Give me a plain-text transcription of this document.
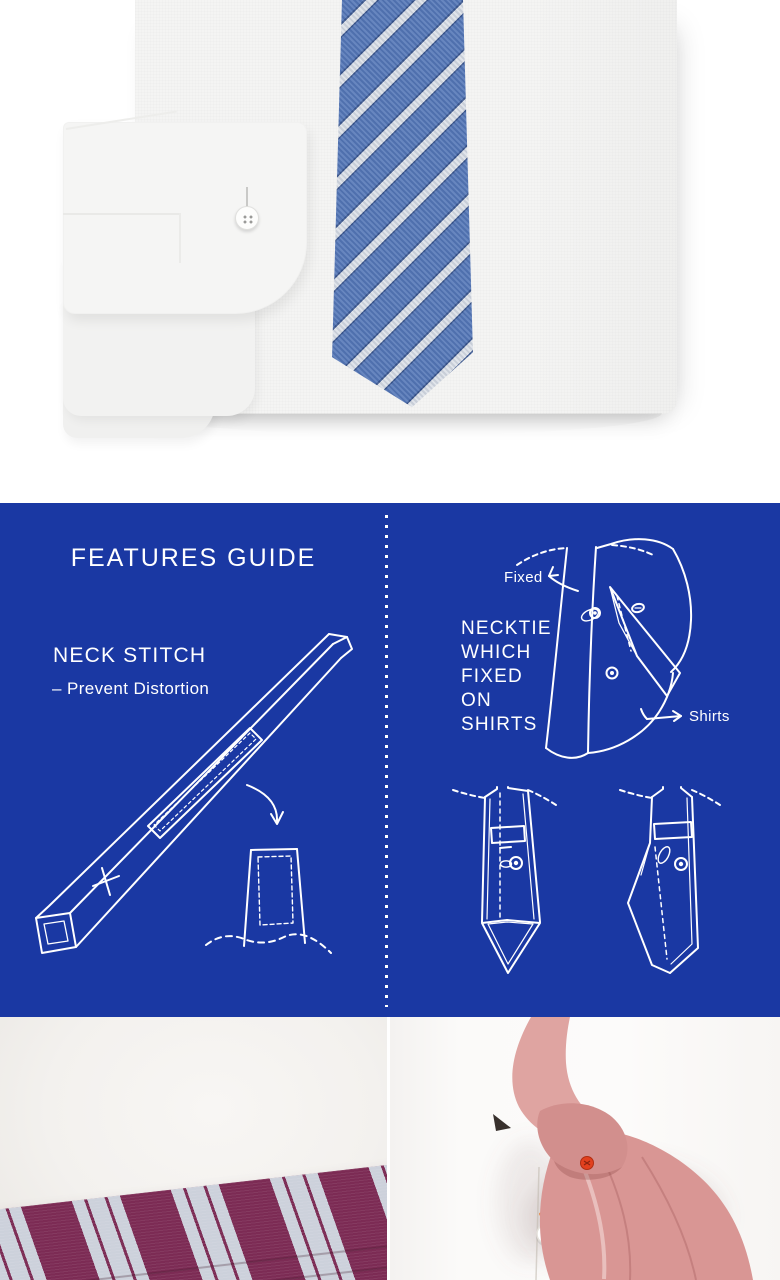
FEATURES GUIDE
NECK STITCH
– Prevent Distortion
NECKTIE
WHICH
FIXED
ON
SHIRTS
Fixed
Shirts
